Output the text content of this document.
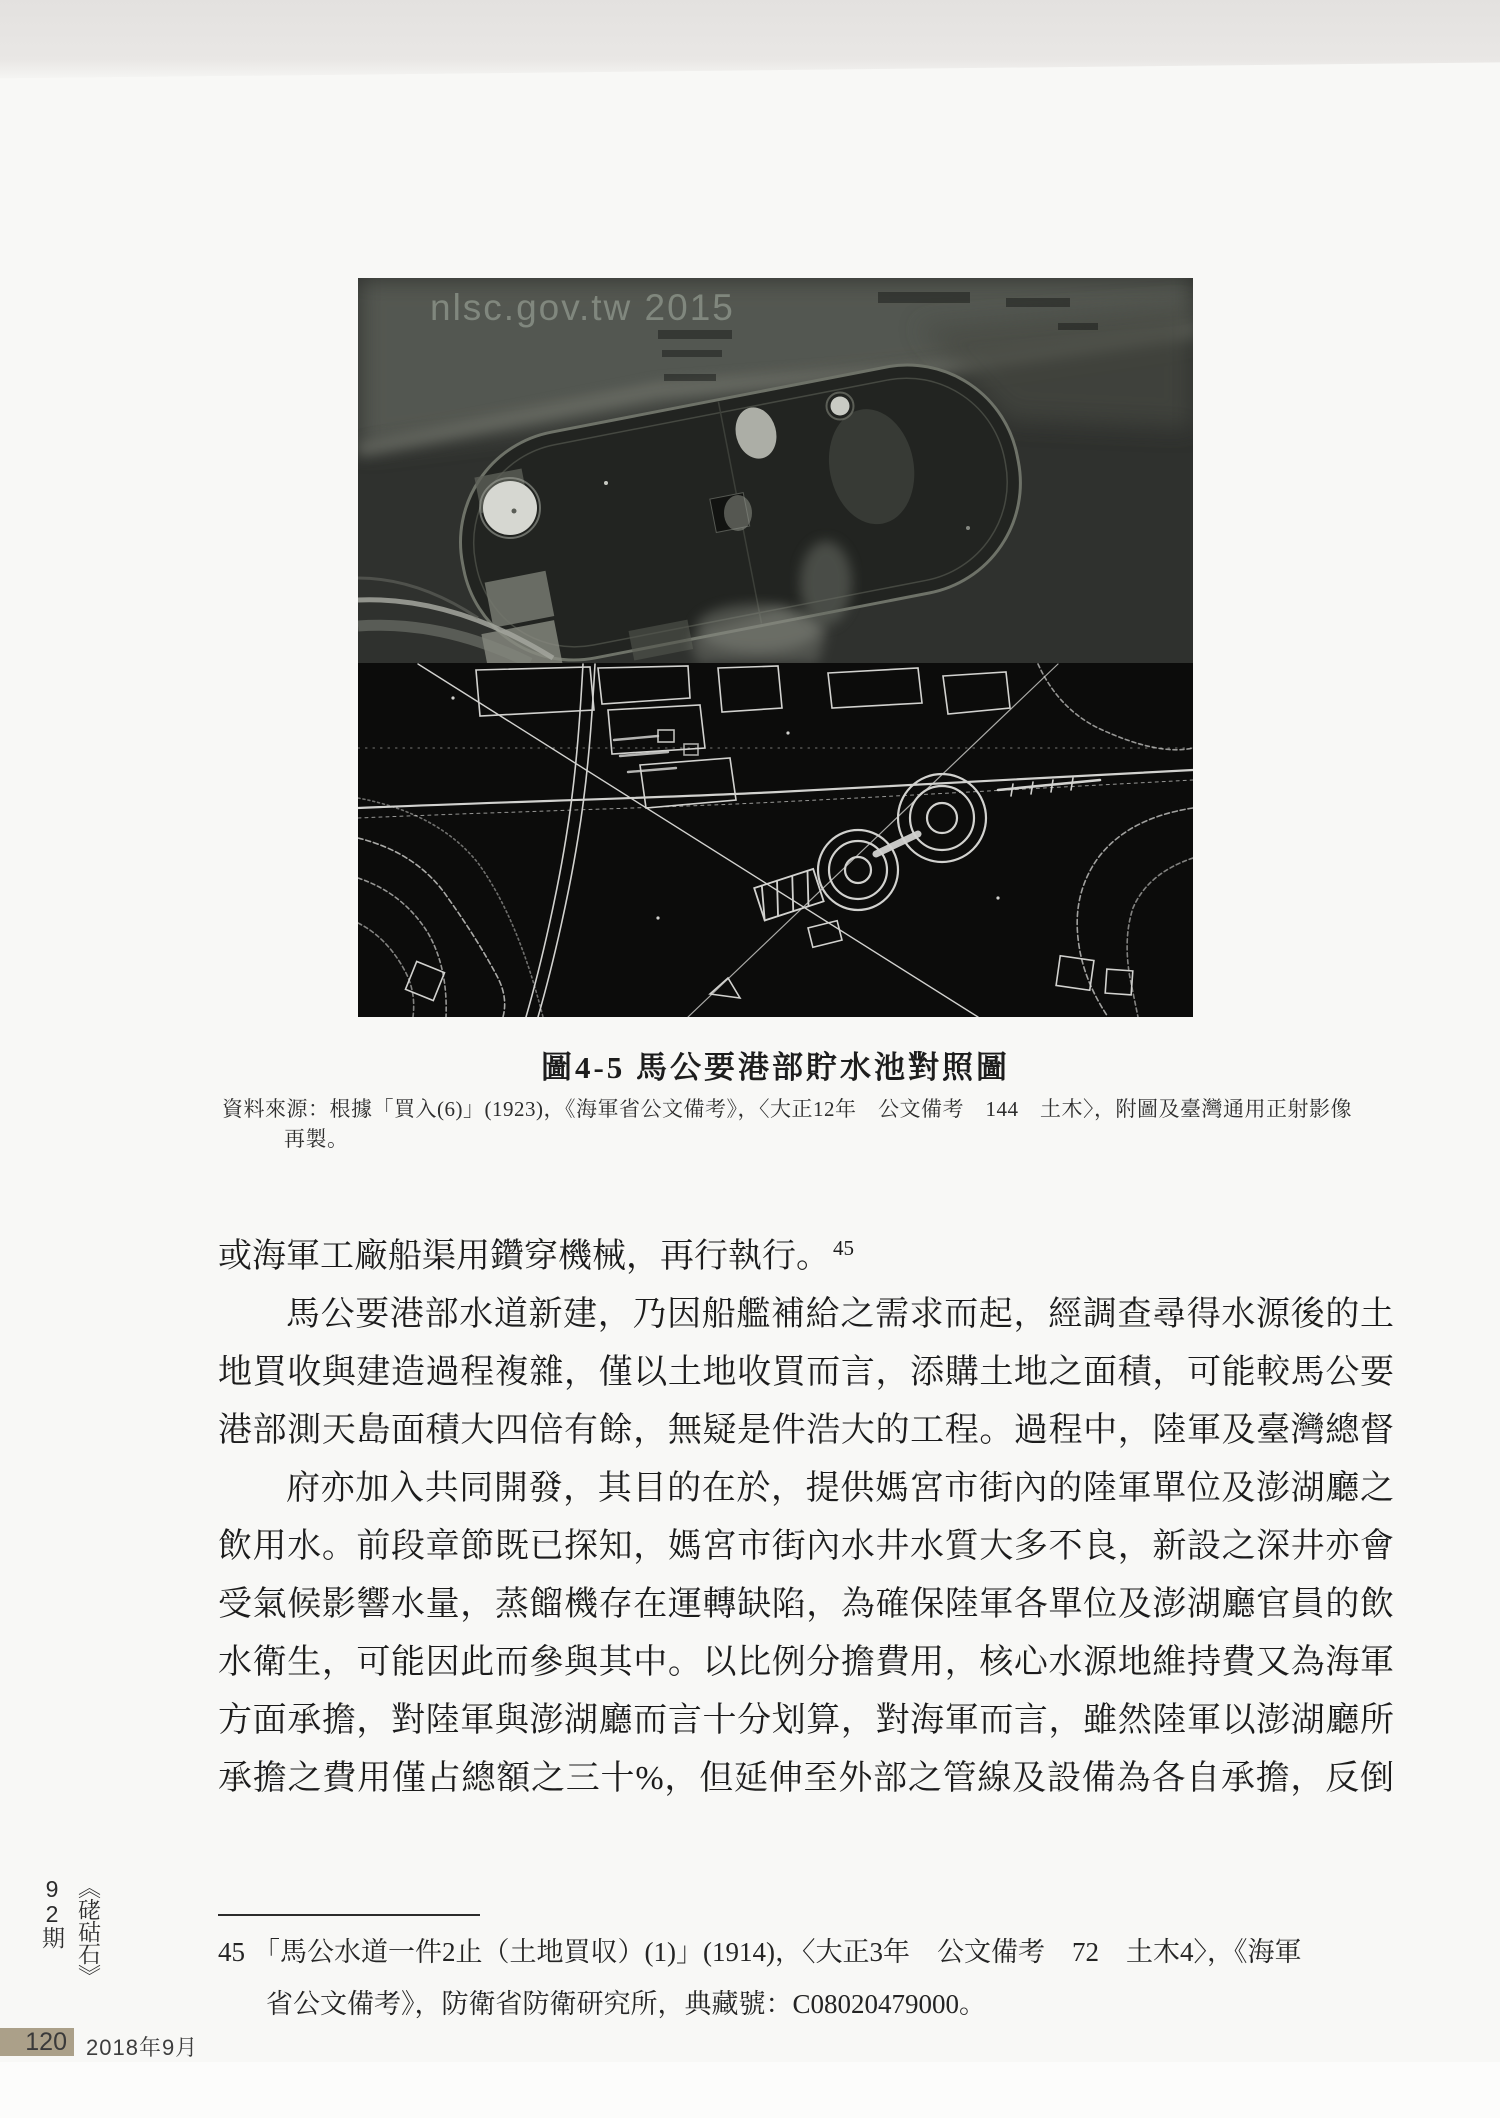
nlsc.gov.tw 2015
圖4-5 馬公要港部貯水池對照圖
資料來源：根據「買入(6)」(1923)，《海軍省公文備考》，〈大正12年　公文備考　144　土木〉，附圖及臺灣通用正射影像
再製。
或海軍工廠船渠用鑽穿機械，再行執行。 $^{45}$
馬公要港部水道新建，乃因船艦補給之需求而起，經調查尋得水源後的土
地買收與建造過程複雜，僅以土地收買而言，添購土地之面積，可能較馬公要
港部測天島面積大四倍有餘，無疑是件浩大的工程。過程中，陸軍及臺灣總督
府亦加入共同開發，其目的在於，提供媽宮市街內的陸軍單位及澎湖廳之
飲用水。前段章節既已探知，媽宮市街內水井水質大多不良，新設之深井亦會
受氣候影響水量，蒸餾機存在運轉缺陷，為確保陸軍各單位及澎湖廳官員的飲
水衛生，可能因此而參與其中。以比例分擔費用，核心水源地維持費又為海軍
方面承擔，對陸軍與澎湖廳而言十分划算，對海軍而言，雖然陸軍以澎湖廳所
承擔之費用僅占總額之三十%，但延伸至外部之管線及設備為各自承擔，反倒
45 「馬公水道一件2止（土地買収）(1)」(1914)，〈大正3年　公文備考　72　土木4〉，《海軍
省公文備考》，防衛省防衛研究所，典藏號：C08020479000。
《硓𥑮石》92期
120 2018年9月
